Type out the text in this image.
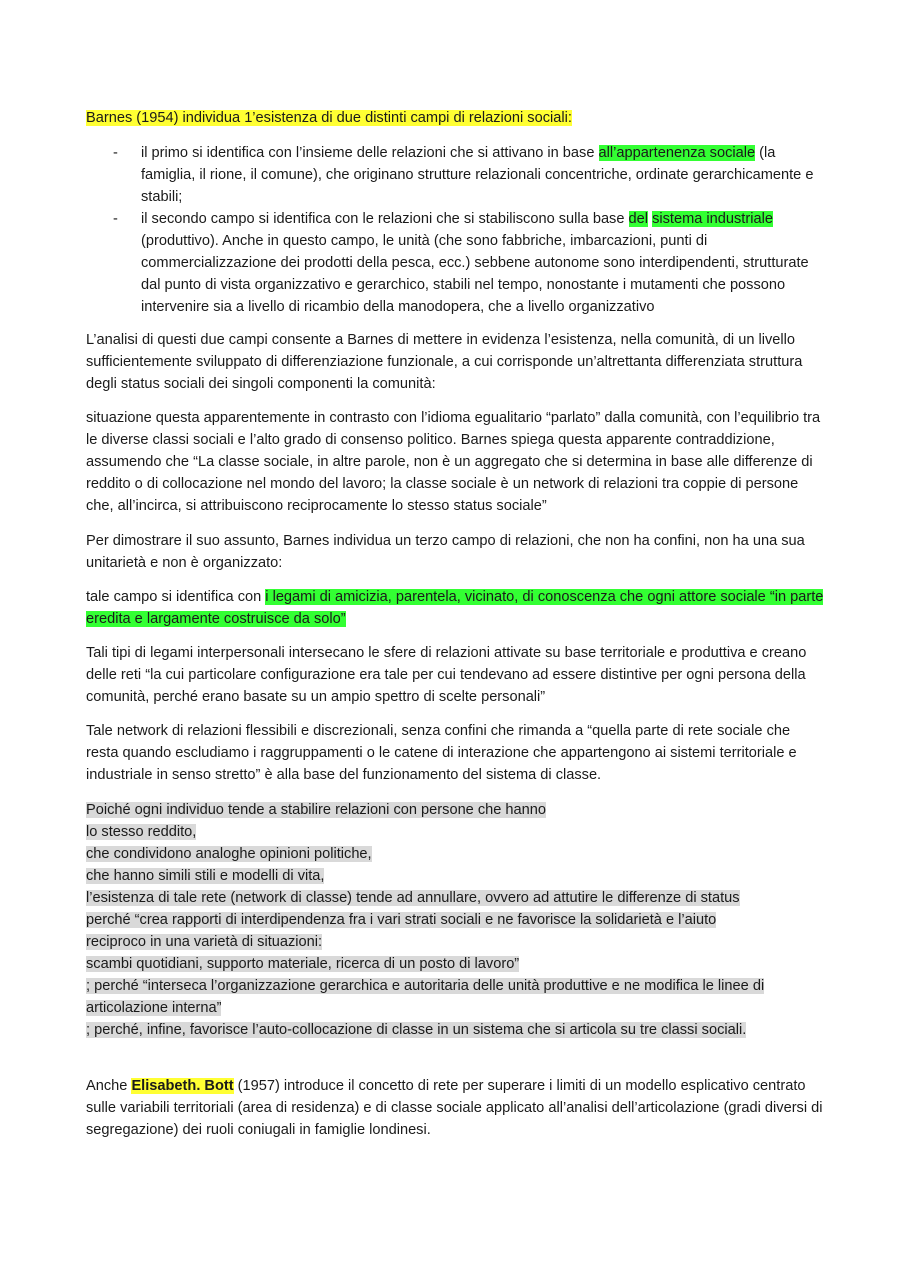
Barnes (1954) individua 1’esistenza di due distinti campi di relazioni sociali:

- il primo si identifica con l’insieme delle relazioni che si attivano in base all’appartenenza sociale (la famiglia, il rione, il comune), che originano strutture relazionali concentriche, ordinate gerarchicamente e stabili;
- il secondo campo si identifica con le relazioni che si stabiliscono sulla base del sistema industriale (produttivo). Anche in questo campo, le unità (che sono fabbriche, imbarcazioni, punti di commercializzazione dei prodotti della pesca, ecc.) sebbene autonome sono interdipendenti, strutturate dal punto di vista organizzativo e gerarchico, stabili nel tempo, nonostante i mutamenti che possono intervenire sia a livello di ricambio della manodopera, che a livello organizzativo

L’analisi di questi due campi consente a Barnes di mettere in evidenza l’esistenza, nella comunità, di un livello sufficientemente sviluppato di differenziazione funzionale, a cui corrisponde un’altrettanta differenziata struttura degli status sociali dei singoli componenti la comunità:

situazione questa apparentemente in contrasto con l’idioma egualitario “parlato” dalla comunità, con l’equilibrio tra le diverse classi sociali e l’alto grado di consenso politico. Barnes spiega questa apparente contraddizione, assumendo che “La classe sociale, in altre parole, non è un aggregato che si determina in base alle differenze di reddito o di collocazione nel mondo del lavoro; la classe sociale è un network di relazioni tra coppie di persone che, all’incirca, si attribuiscono reciprocamente lo stesso status sociale”

Per dimostrare il suo assunto, Barnes individua un terzo campo di relazioni, che non ha confini, non ha una sua unitarietà e non è organizzato:

tale campo si identifica con i legami di amicizia, parentela, vicinato, di conoscenza che ogni attore sociale “in parte eredita e largamente costruisce da solo”

Tali tipi di legami interpersonali intersecano le sfere di relazioni attivate su base territoriale e produttiva e creano delle reti “la cui particolare configurazione era tale per cui tendevano ad essere distintive per ogni persona della comunità, perché erano basate su un ampio spettro di scelte personali”

Tale network di relazioni flessibili e discrezionali, senza confini che rimanda a “quella parte di rete sociale che resta quando escludiamo i raggruppamenti o le catene di interazione che appartengono ai sistemi territoriale e industriale in senso stretto” è alla base del funzionamento del sistema di classe.

Poiché ogni individuo tende a stabilire relazioni con persone che hanno
lo stesso reddito,
che condividono analoghe opinioni politiche,
che hanno simili stili e modelli di vita,
l’esistenza di tale rete (network di classe) tende ad annullare, ovvero ad attutire le differenze di status
perché “crea rapporti di interdipendenza fra i vari strati sociali e ne favorisce la solidarietà e l’aiuto
reciproco in una varietà di situazioni:
scambi quotidiani, supporto materiale, ricerca di un posto di lavoro”
; perché “interseca l’organizzazione gerarchica e autoritaria delle unità produttive e ne modifica le linee di
articolazione interna”
; perché, infine, favorisce l’auto-collocazione di classe in un sistema che si articola su tre classi sociali.

Anche Elisabeth. Bott (1957) introduce il concetto di rete per superare i limiti di un modello esplicativo centrato sulle variabili territoriali (area di residenza) e di classe sociale applicato all’analisi dell’articolazione (gradi diversi di segregazione) dei ruoli coniugali in famiglie londinesi.
